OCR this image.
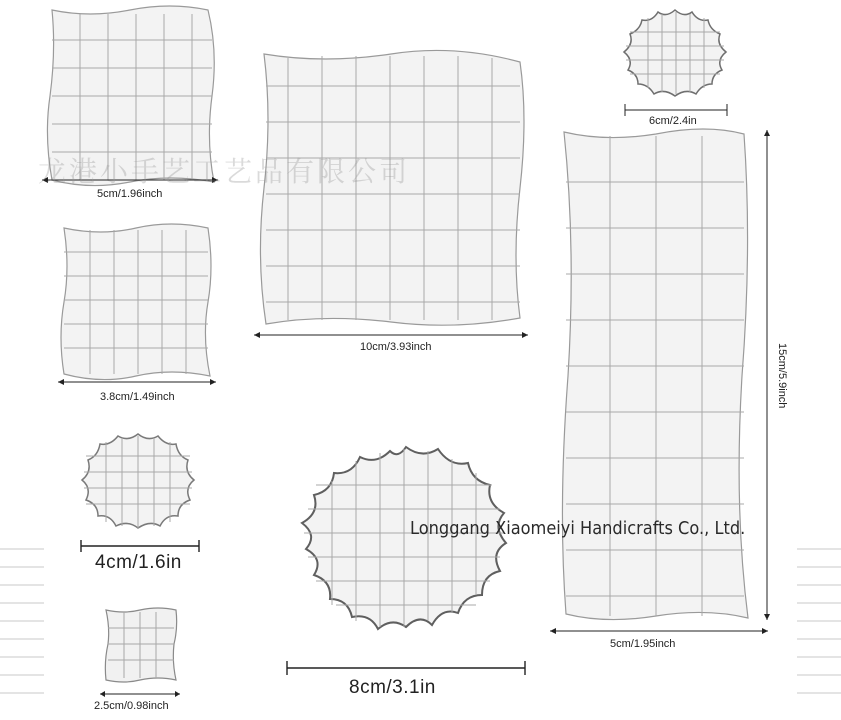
5cm/1.96inch
3.8cm/1.49inch
4cm/1.6in
2.5cm/0.98inch
10cm/3.93inch
8cm/3.1in
6cm/2.4in
5cm/1.95inch
15cm/5.9inch
龙港小手艺工艺品有限公司
Longgang Xiaomeiyi Handicrafts Co., Ltd.
